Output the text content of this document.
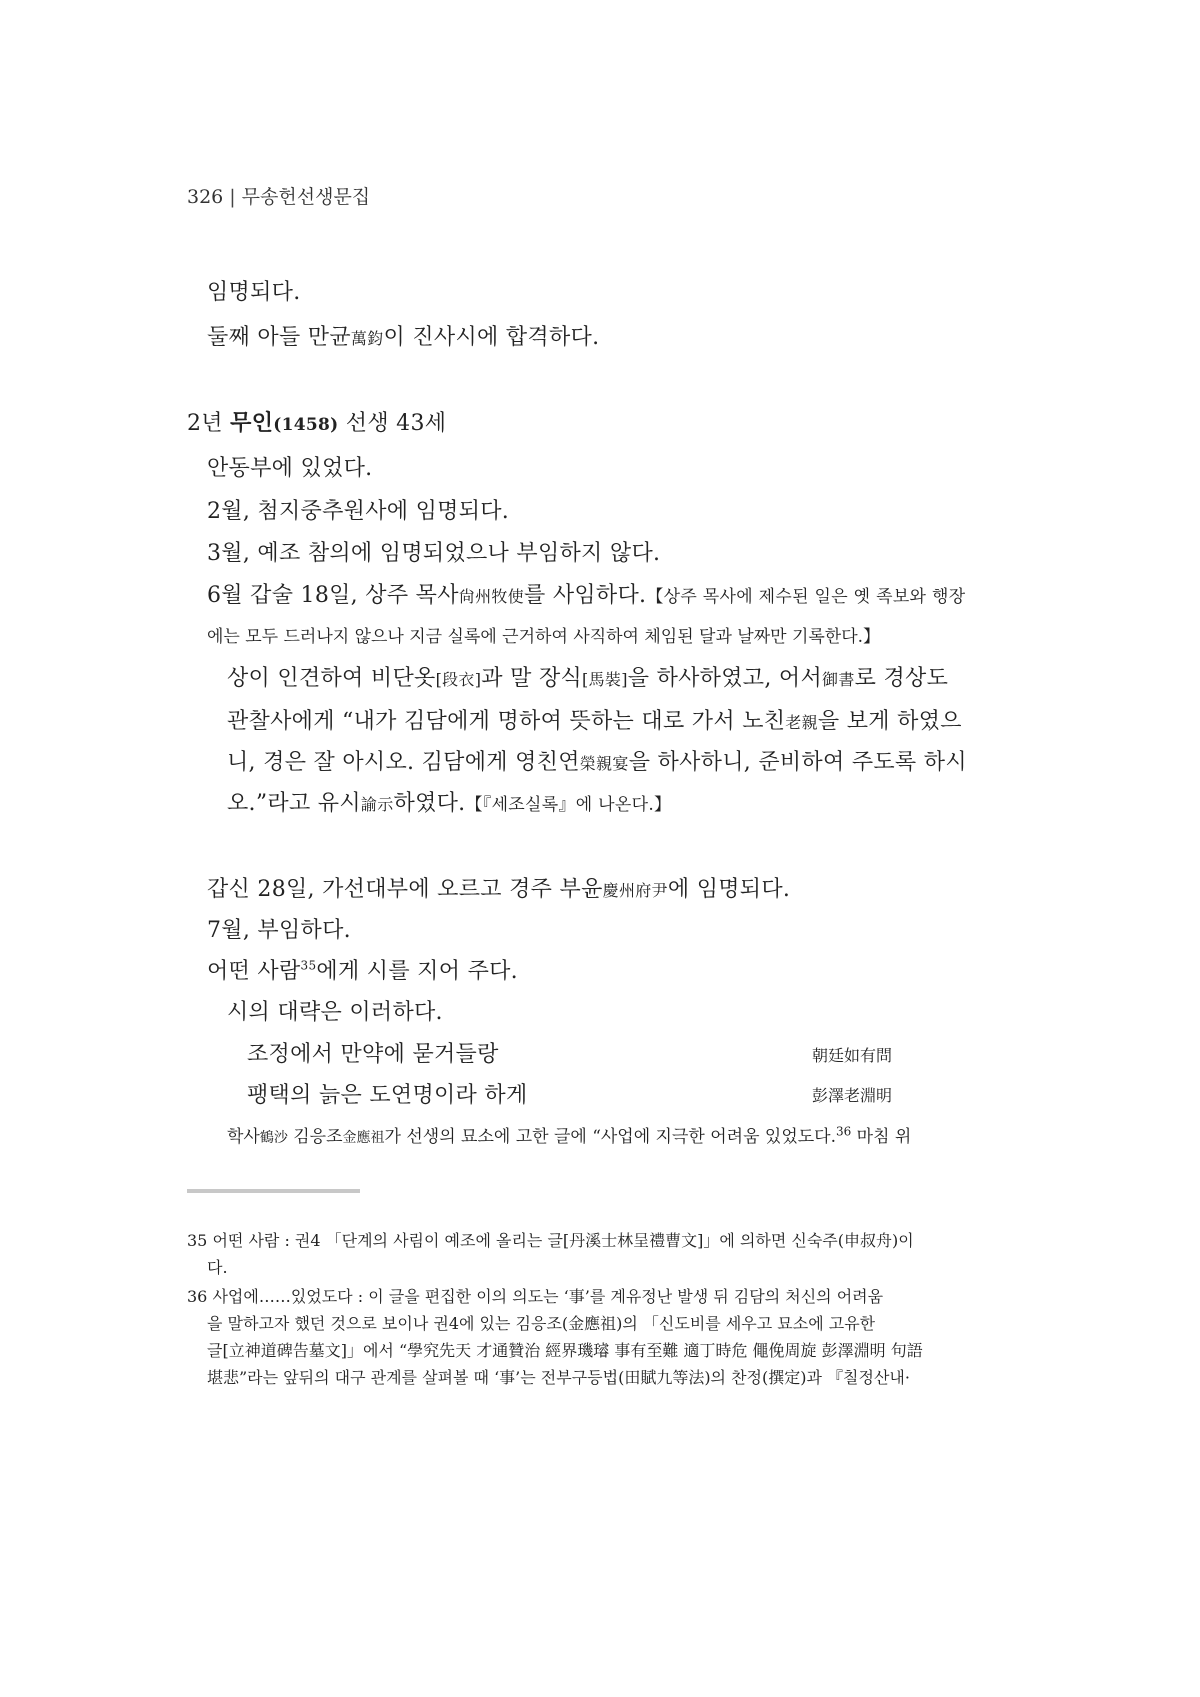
326 | 무송헌선생문집
임명되다.
둘째 아들 만균萬鈞이 진사시에 합격하다.
2년 무인(1458) 선생 43세
안동부에 있었다.
2월, 첨지중추원사에 임명되다.
3월, 예조 참의에 임명되었으나 부임하지 않다.
6월 갑술 18일, 상주 목사尙州牧使를 사임하다.【상주 목사에 제수된 일은 옛 족보와 행장
에는 모두 드러나지 않으나 지금 실록에 근거하여 사직하여 체임된 달과 날짜만 기록한다.】
상이 인견하여 비단옷[段衣]과 말 장식[馬裝]을 하사하였고, 어서御書로 경상도
관찰사에게 “내가 김담에게 명하여 뜻하는 대로 가서 노친老親을 보게 하였으
니, 경은 잘 아시오. 김담에게 영친연榮親宴을 하사하니, 준비하여 주도록 하시
오.”라고 유시諭示하였다.【『세조실록』에 나온다.】
갑신 28일, 가선대부에 오르고 경주 부윤慶州府尹에 임명되다.
7월, 부임하다.
어떤 사람$^{35}$에게 시를 지어 주다.
시의 대략은 이러하다.
조정에서 만약에 묻거들랑	朝廷如有問
팽택의 늙은 도연명이라 하게	彭澤老淵明
학사鶴沙 김응조金應祖가 선생의 묘소에 고한 글에 “사업에 지극한 어려움 있었도다.$^{36}$ 마침 위
35 어떤 사람 : 권4 「단계의 사림이 예조에 올리는 글[丹溪士林呈禮曹文]」에 의하면 신숙주(申叔舟)이
다.
36 사업에……있었도다 : 이 글을 편집한 이의 의도는 ‘事’를 계유정난 발생 뒤 김담의 처신의 어려움
을 말하고자 했던 것으로 보이나 권4에 있는 김응조(金應祖)의 「신도비를 세우고 묘소에 고유한
글[立神道碑告墓文]」에서 “學究先天 才通贊治 經界璣璿 事有至難 適丁時危 僶俛周旋 彭澤淵明 句語
堪悲”라는 앞뒤의 대구 관계를 살펴볼 때 ‘事’는 전부구등법(田賦九等法)의 찬정(撰定)과 『칠정산내·
